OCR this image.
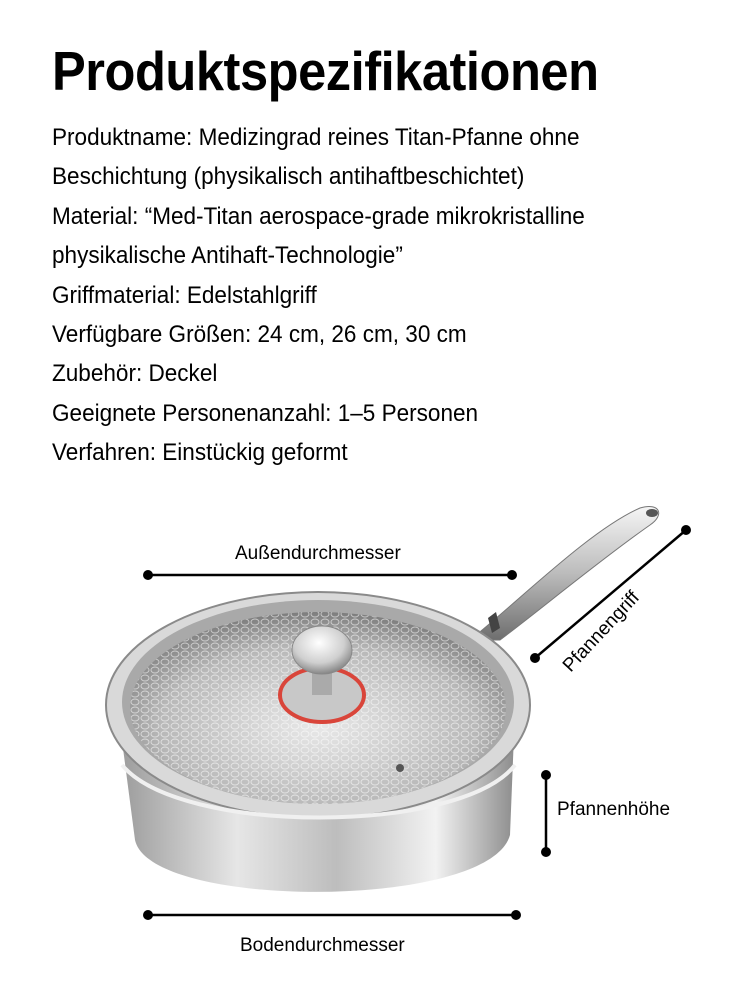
Produktspezifikationen
Produktname: Medizingrad reines Titan-Pfanne ohne
Beschichtung (physikalisch antihaftbeschichtet)
Material: “Med-Titan aerospace-grade mikrokristalline
physikalische Antihaft-Technologie”
Griffmaterial: Edelstahlgriff
Verfügbare Größen: 24 cm, 26 cm, 30 cm
Zubehör: Deckel
Geeignete Personenanzahl: 1–5 Personen
Verfahren: Einstückig geformt
Außendurchmesser
Pfannengriff
Pfannenhöhe
Bodendurchmesser
